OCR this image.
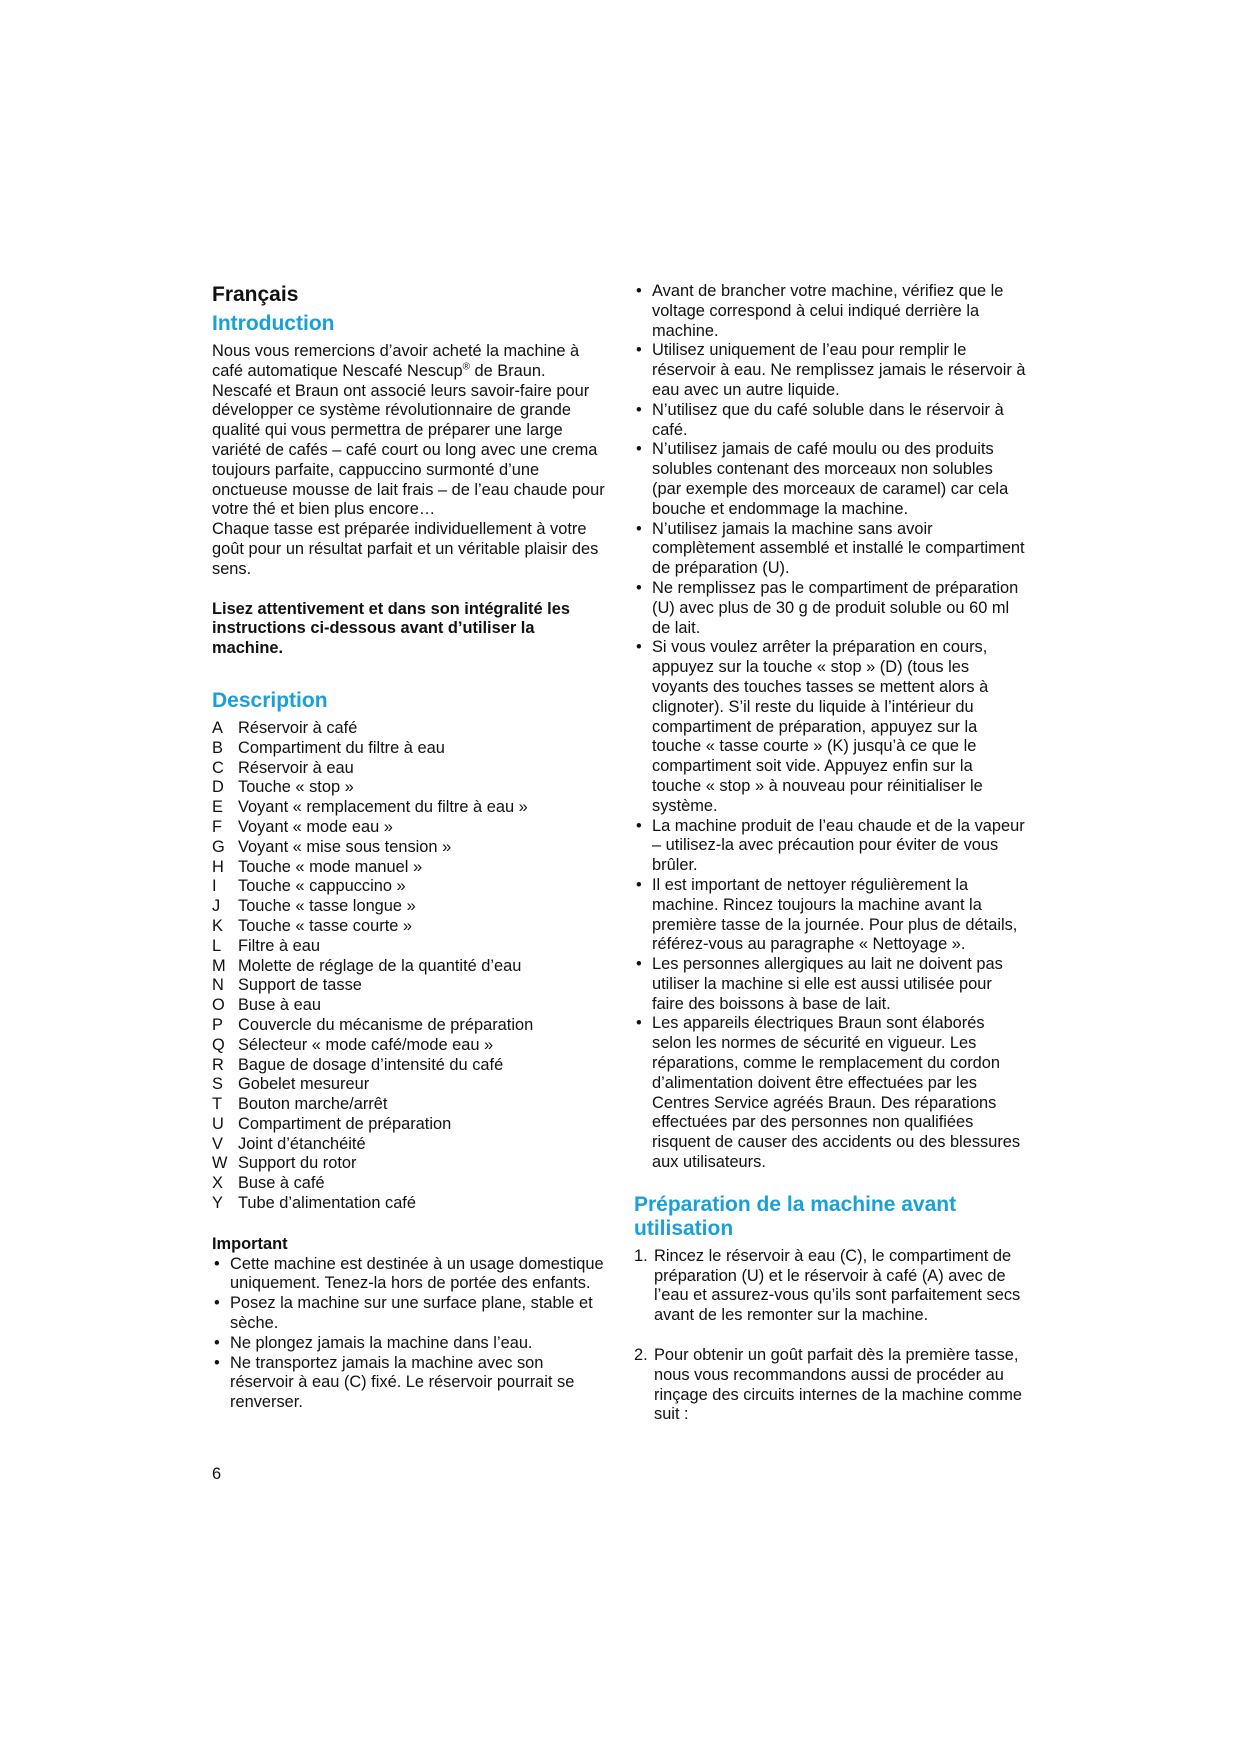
Français
Introduction

Nous vous remercions d’avoir acheté la machine à café automatique Nescafé Nescup® de Braun. Nescafé et Braun ont associé leurs savoir-faire pour développer ce système révolutionnaire de grande qualité qui vous permettra de préparer une large variété de cafés – café court ou long avec une crema toujours parfaite, cappuccino surmonté d’une onctueuse mousse de lait frais – de l’eau chaude pour votre thé et bien plus encore…

Chaque tasse est préparée individuellement à votre goût pour un résultat parfait et un véritable plaisir des sens.

Lisez attentivement et dans son intégralité les instructions ci-dessous avant d’utiliser la machine.

Description
A Réservoir à café
B Compartiment du filtre à eau
C Réservoir à eau
D Touche « stop »
E Voyant « remplacement du filtre à eau »
F Voyant « mode eau »
G Voyant « mise sous tension »
H Touche « mode manuel »
I	Touche « cappuccino »
J	Touche « tasse longue »
K Touche « tasse courte »
L	Filtre à eau
M Molette de réglage de la quantité d’eau
N Support de tasse
O Buse à eau
P Couvercle du mécanisme de préparation
Q Sélecteur « mode café/mode eau »
R Bague de dosage d’intensité du café
S Gobelet mesureur
T Bouton marche/arrêt
U Compartiment de préparation
V Joint d’étanchéité
W Support du rotor
X Buse à café
Y Tube d’alimentation café
Important
• Cette machine est destinée à un usage domestique uniquement. Tenez-la hors de portée des enfants.
• Posez la machine sur une surface plane, stable et sèche.
• Ne plongez jamais la machine dans l’eau.
• Ne transportez jamais la machine avec son réservoir à eau (C) fixé. Le réservoir pourrait se renverser.
• Avant de brancher votre machine, vérifiez que le voltage correspond à celui indiqué derrière la machine.
• Utilisez uniquement de l’eau pour remplir le réservoir à eau. Ne remplissez jamais le réservoir à eau avec un autre liquide.
• N’utilisez que du café soluble dans le réservoir à café.
• N’utilisez jamais de café moulu ou des produits solubles contenant des morceaux non solubles (par exemple des morceaux de caramel) car cela bouche et endommage la machine.
• N’utilisez jamais la machine sans avoir complètement assemblé et installé le compartiment de préparation (U).
• Ne remplissez pas le compartiment de préparation (U) avec plus de 30 g de produit soluble ou 60 ml de lait.
• Si vous voulez arrêter la préparation en cours, appuyez sur la touche « stop » (D) (tous les voyants des touches tasses se mettent alors à clignoter). S’il reste du liquide à l’intérieur du compartiment de préparation, appuyez sur la touche « tasse courte » (K) jusqu’à ce que le compartiment soit vide. Appuyez enfin sur la touche « stop » à nouveau pour réinitialiser le système.
• La machine produit de l’eau chaude et de la vapeur – utilisez-la avec précaution pour éviter de vous brûler.
• Il est important de nettoyer régulièrement la machine. Rincez toujours la machine avant la première tasse de la journée. Pour plus de détails, référez-vous au paragraphe « Nettoyage ».
• Les personnes allergiques au lait ne doivent pas utiliser la machine si elle est aussi utilisée pour faire des boissons à base de lait.
• Les appareils électriques Braun sont élaborés selon les normes de sécurité en vigueur. Les réparations, comme le remplacement du cordon d’alimentation doivent être effectuées par les Centres Service agréés Braun. Des réparations effectuées par des personnes non qualifiées risquent de causer des accidents ou des blessures aux utilisateurs.
Préparation de la machine avant utilisation
1. Rincez le réservoir à eau (C), le compartiment de préparation (U) et le réservoir à café (A) avec de l’eau et assurez-vous qu’ils sont parfaitement secs avant de les remonter sur la machine.
2. Pour obtenir un goût parfait dès la première tasse, nous vous recommandons aussi de procéder au rinçage des circuits internes de la machine comme suit :
6
